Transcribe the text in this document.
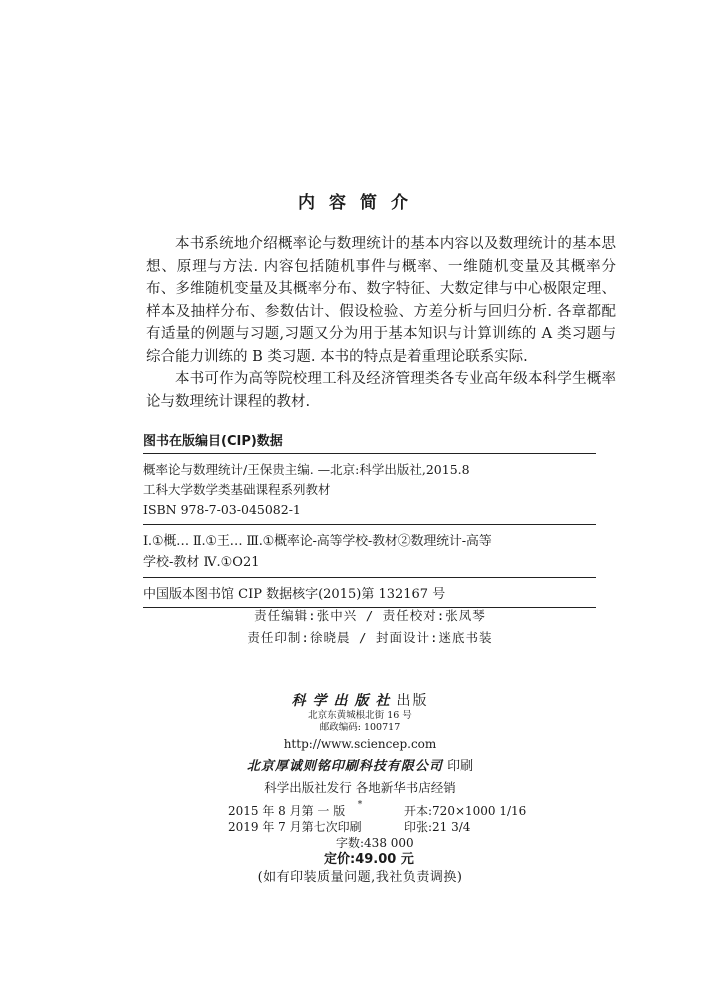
内容简介

本书系统地介绍概率论与数理统计的基本内容以及数理统计的基本思想、原理与方法. 内容包括随机事件与概率、一维随机变量及其概率分布、多维随机变量及其概率分布、数字特征、大数定律与中心极限定理、样本及抽样分布、参数估计、假设检验、方差分析与回归分析. 各章都配有适量的例题与习题,习题又分为用于基本知识与计算训练的 A 类习题与综合能力训练的 B 类习题. 本书的特点是着重理论联系实际.

本书可作为高等院校理工科及经济管理类各专业高年级本科学生概率论与数理统计课程的教材.

图书在版编目(CIP)数据
概率论与数理统计/王保贵主编. —北京:科学出版社,2015.8
工科大学数学类基础课程系列教材
ISBN 978-7-03-045082-1
Ⅰ.①概… Ⅱ.①王… Ⅲ.①概率论-高等学校-教材②数理统计-高等
学校-教材 Ⅳ.①O21
中国版本图书馆 CIP 数据核字(2015)第 132167 号
责任编辑:张中兴 / 责任校对:张凤琴
责任印制:徐晓晨 / 封面设计:迷底书装
科学出版社出版
北京东黄城根北街 16 号
邮政编码: 100717
http://www.sciencep.com
北京厚诚则铭印刷科技有限公司 印刷
科学出版社发行 各地新华书店经销
*
2015 年 8 月第 一 版	开本:720×1000 1/16
2019 年 7 月第七次印刷	印张:21 3/4
字数:438 000
定价:49.00 元
(如有印装质量问题,我社负责调换)
